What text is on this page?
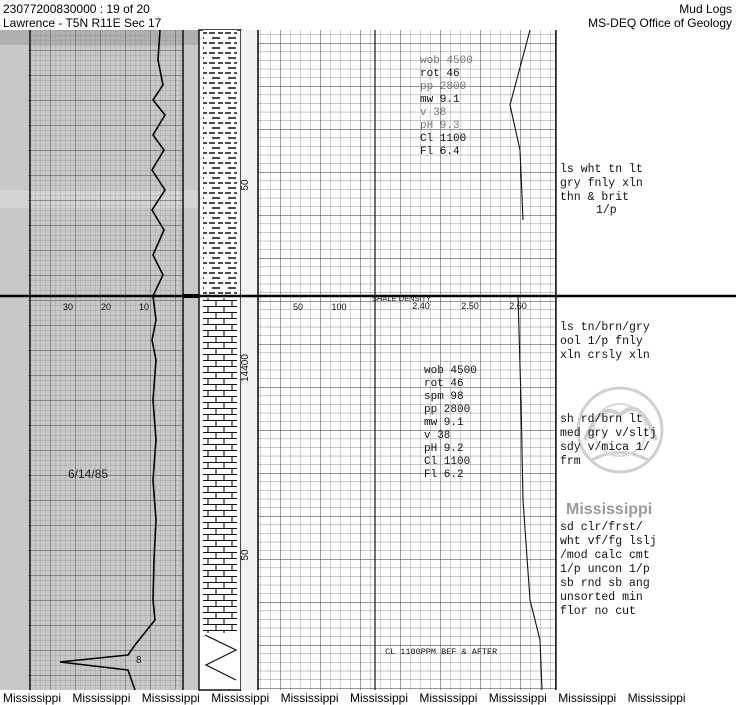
23077200830000 : 19 of 20
Lawrence - T5N R11E Sec 17
Mud Logs
MS-DEQ Office of Geology
30	20	10
8
6/14/85
50
14400
50
50	100
SHALE DENSITY
2.40	2.50	2.60
wob 4500
rot 46
pp 2800
mw 9.1
v 38
pH 9.3
Cl 1100
Fl 6.4
wob 4500
rot 46
spm 98
pp 2800
mw 9.1
v 38
pH 9.2
Cl 1100
Fl 6.2
CL 1100PPM BEF & AFTER
Mississippi
ls wht tn lt
gry fnly xln
thn & brit
1/p
ls tn/brn/gry
ool 1/p fnly
xln crsly xln
sh rd/brn lt
med gry v/sltj
sdy v/mica 1/
frm
sd clr/frst/
wht vf/fg lslj
/mod calc cmt
1/p uncon 1/p
sb rnd sb ang
unsorted min
flor no cut
Mississippi Mississippi Mississippi Mississippi Mississippi Mississippi Mississippi Mississippi Mississippi Mississippi
